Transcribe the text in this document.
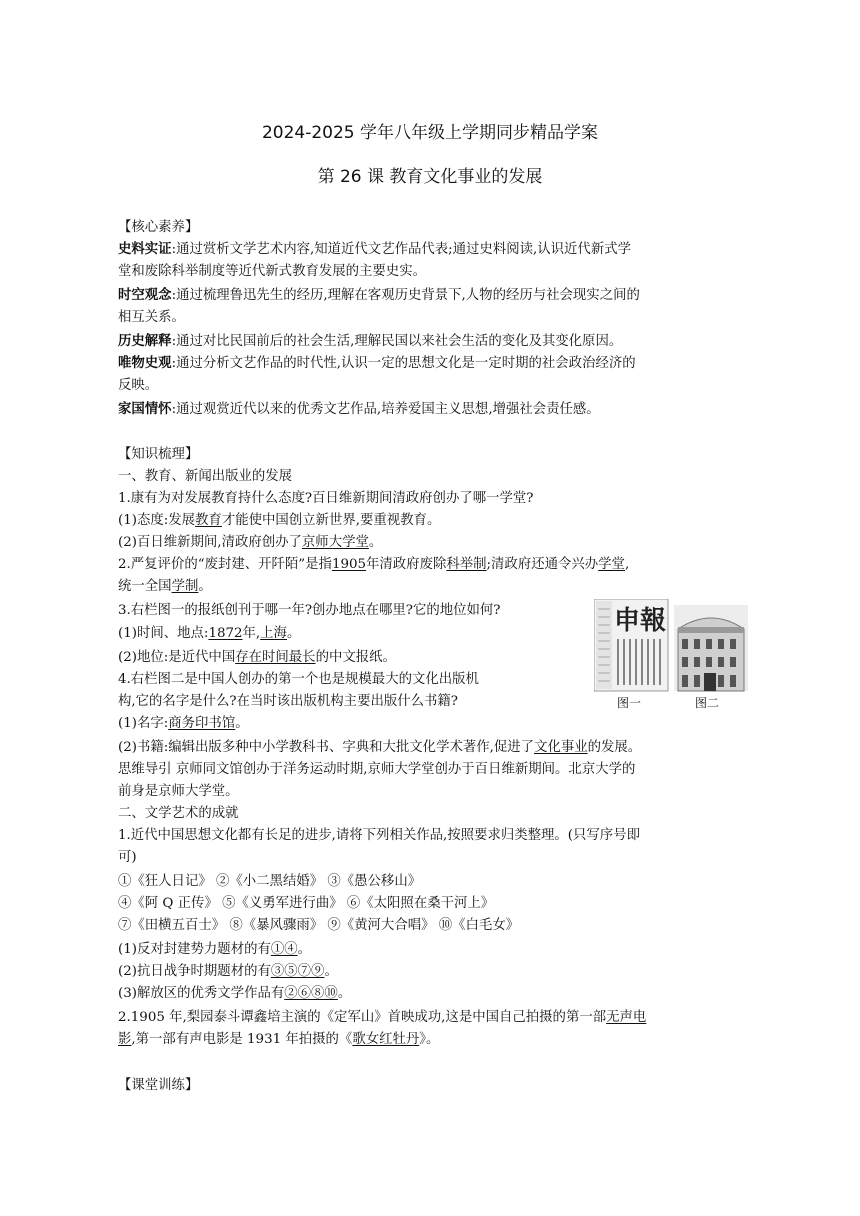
2024-2025 学年八年级上学期同步精品学案
第 26 课 教育文化事业的发展
【核心素养】
史料实证:通过赏析文学艺术内容,知道近代文艺作品代表;通过史料阅读,认识近代新式学
堂和废除科举制度等近代新式教育发展的主要史实。
时空观念:通过梳理鲁迅先生的经历,理解在客观历史背景下,人物的经历与社会现实之间的
相互关系。
历史解释:通过对比民国前后的社会生活,理解民国以来社会生活的变化及其变化原因。
唯物史观:通过分析文艺作品的时代性,认识一定的思想文化是一定时期的社会政治经济的
反映。
家国情怀:通过观赏近代以来的优秀文艺作品,培养爱国主义思想,增强社会责任感。
【知识梳理】
一、教育、新闻出版业的发展
1.康有为对发展教育持什么态度?百日维新期间清政府创办了哪一学堂?
(1)态度:发展教育才能使中国创立新世界,要重视教育。
(2)百日维新期间,清政府创办了京师大学堂。
2.严复评价的“废封建、开阡陌”是指1905年清政府废除科举制;清政府还通令兴办学堂,
统一全国学制。
3.右栏图一的报纸创刊于哪一年?创办地点在哪里?它的地位如何?
(1)时间、地点:1872年,上海。
(2)地位:是近代中国存在时间最长的中文报纸。
4.右栏图二是中国人创办的第一个也是规模最大的文化出版机
构,它的名字是什么?在当时该出版机构主要出版什么书籍?
(1)名字:商务印书馆。
(2)书籍:编辑出版多种中小学教科书、字典和大批文化学术著作,促进了文化事业的发展。
思维导引 京师同文馆创办于洋务运动时期,京师大学堂创办于百日维新期间。北京大学的
前身是京师大学堂。
二、文学艺术的成就
1.近代中国思想文化都有长足的进步,请将下列相关作品,按照要求归类整理。(只写序号即
可)
①《狂人日记》 ②《小二黑结婚》 ③《愚公移山》
④《阿 Q 正传》 ⑤《义勇军进行曲》 ⑥《太阳照在桑干河上》
⑦《田横五百士》 ⑧《暴风骤雨》 ⑨《黄河大合唱》 ⑩《白毛女》
(1)反对封建势力题材的有①④。
(2)抗日战争时期题材的有③⑤⑦⑨。
(3)解放区的优秀文学作品有②⑥⑧⑩。
2.1905 年,梨园泰斗谭鑫培主演的《定军山》首映成功,这是中国自己拍摄的第一部无声电
影,第一部有声电影是 1931 年拍摄的《歌女红牡丹》。
【课堂训练】
申報
图一	图二
